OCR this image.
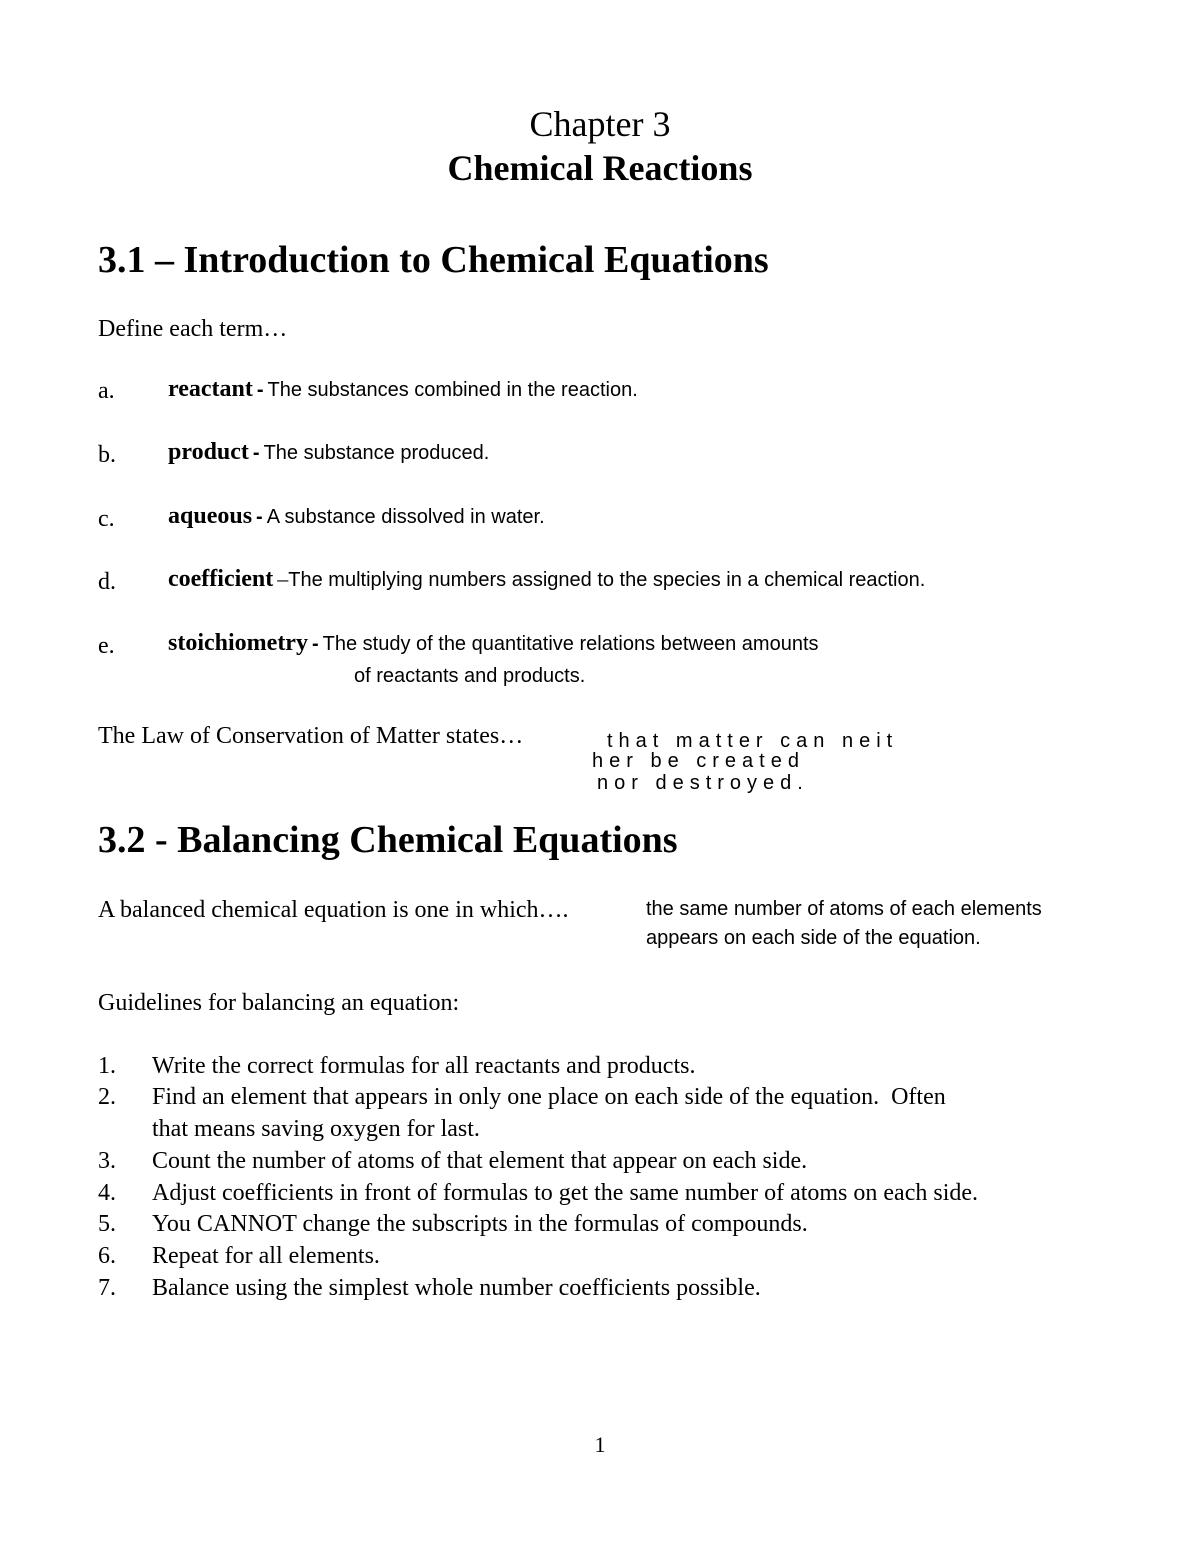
Chapter 3
Chemical Reactions
3.1 – Introduction to Chemical Equations
Define each term…
a. reactant - The substances combined in the reaction.
b. product - The substance produced.
c. aqueous - A substance dissolved in water.
d. coefficient –The multiplying numbers assigned to the species in a chemical reaction.
e. stoichiometry - The study of the quantitative relations between amounts
of reactants and products.
The Law of Conservation of Matter states…	that matter can neit
her be created
nor destroyed.
3.2 - Balancing Chemical Equations
A balanced chemical equation is one in which….	the same number of atoms of each elements
appears on each side of the equation.
Guidelines for balancing an equation:
1. Write the correct formulas for all reactants and products.
2. Find an element that appears in only one place on each side of the equation.  Often
that means saving oxygen for last.
3. Count the number of atoms of that element that appear on each side.
4. Adjust coefficients in front of formulas to get the same number of atoms on each side.
5. You CANNOT change the subscripts in the formulas of compounds.
6. Repeat for all elements.
7. Balance using the simplest whole number coefficients possible.
1
